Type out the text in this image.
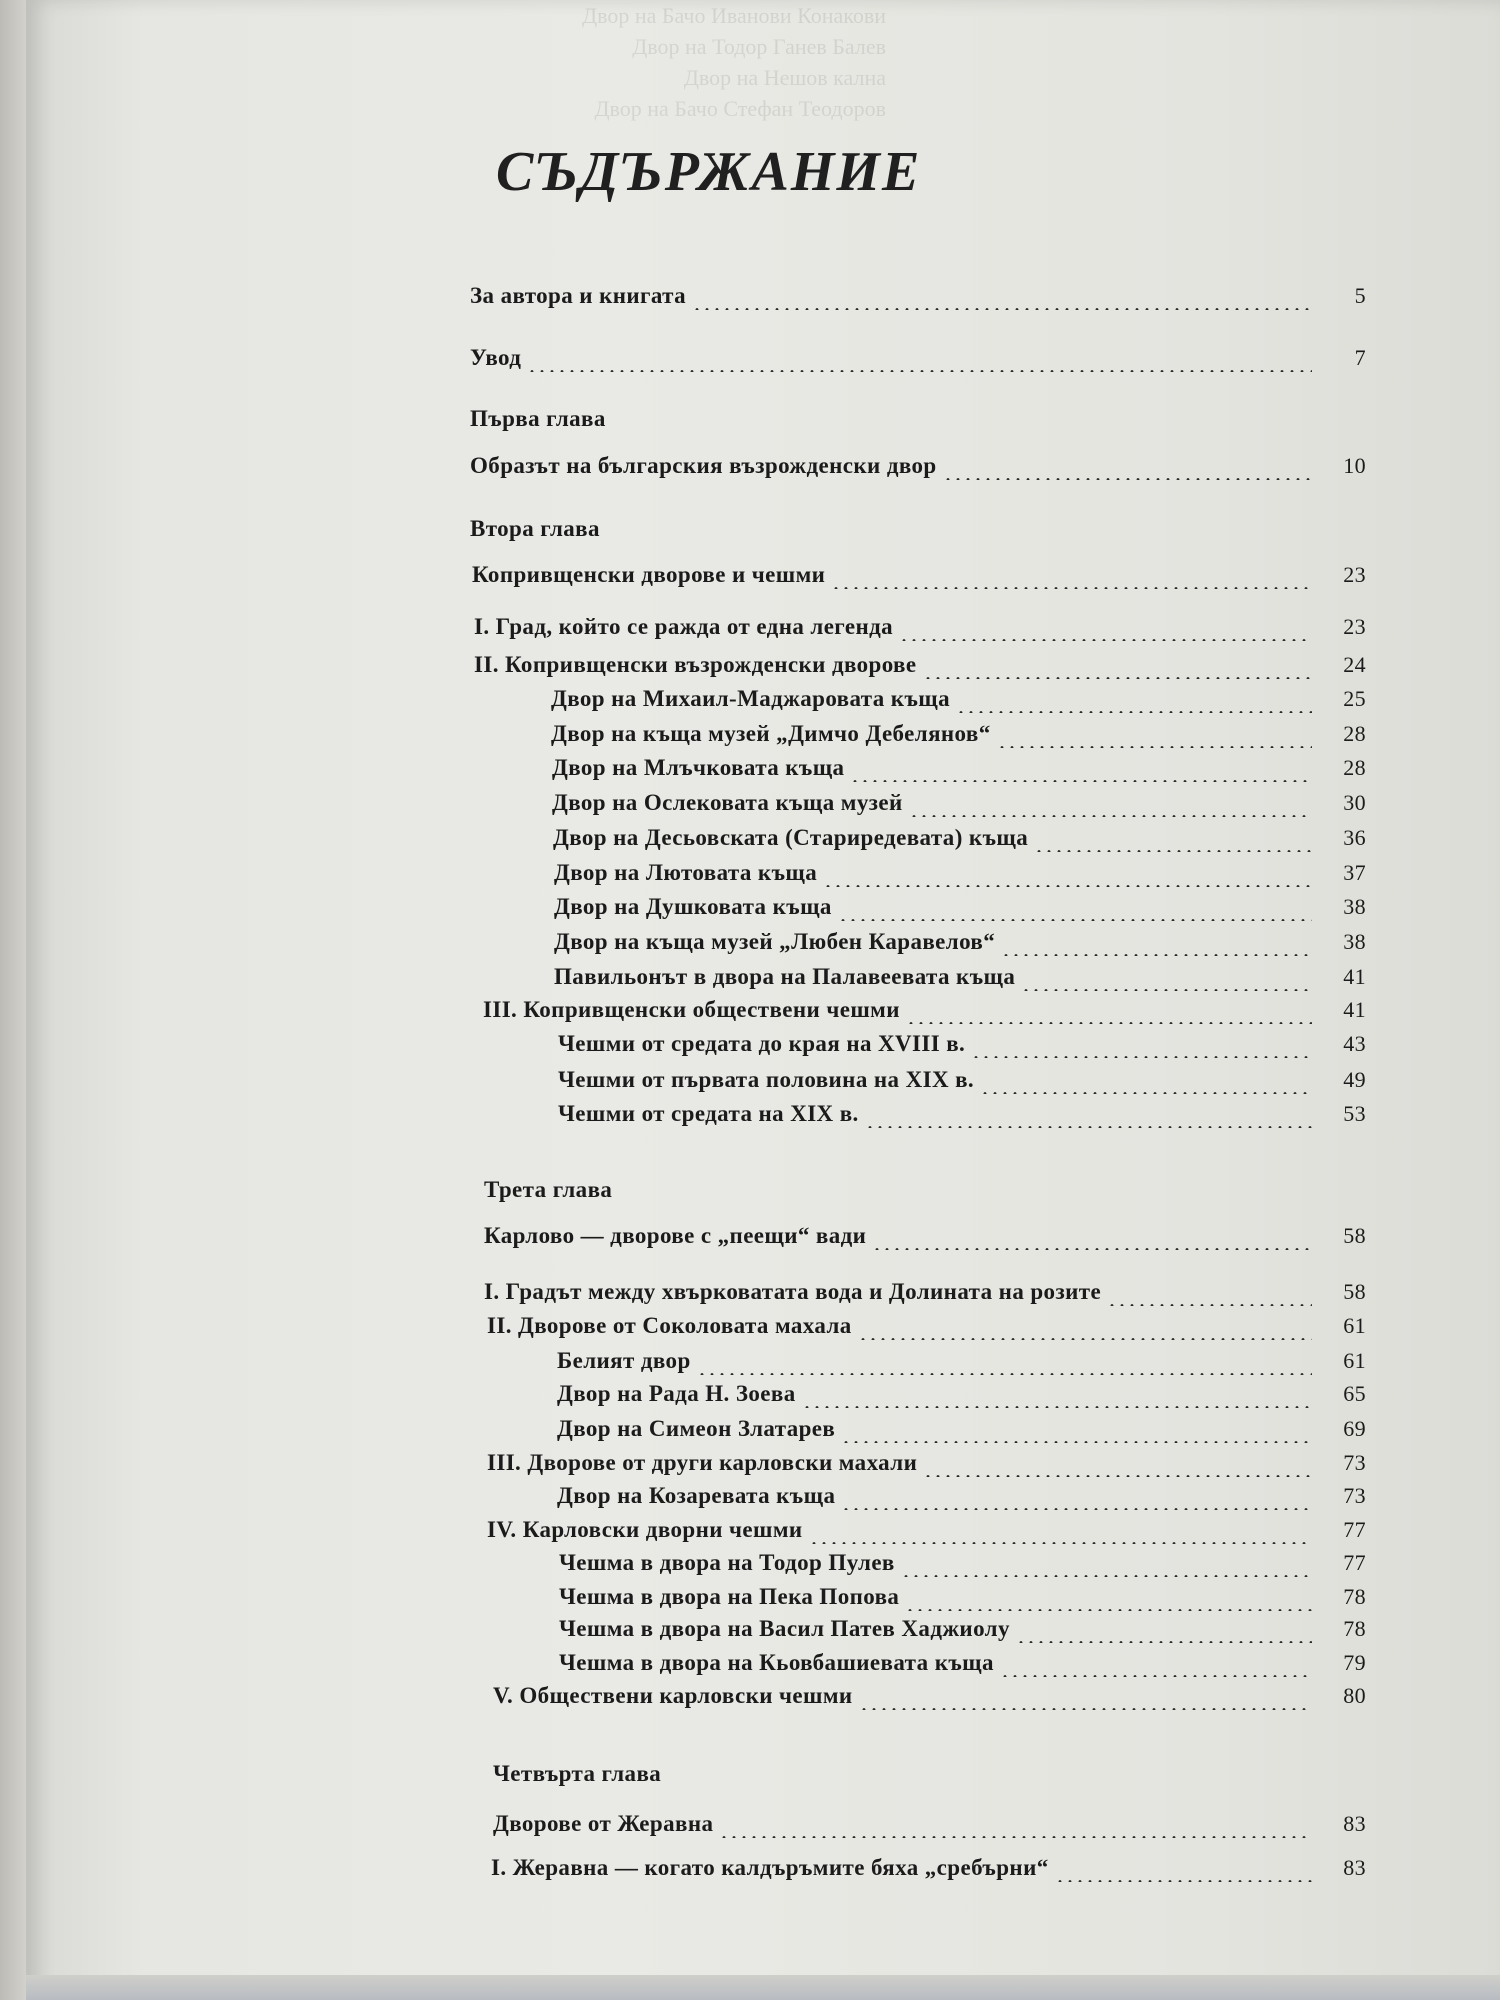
Двор на Бачо Иванови Конакови
Двор на Тодор Ганев Балев
Двор на Нешов кална
Двор на Бачо Стефан Теодоров
СЪДЪРЖАНИЕ
За автора и книгата	5
Увод	7
Първа глава
Образът на българския възрожденски двор	10
Втора глава
Копривщенски дворове и чешми	23
I. Град, който се ражда от една легенда	23
II. Копривщенски възрожденски дворове	24
Двор на Михаил-Маджаровата къща	25
Двор на къща музей „Димчо Дебелянов“	28
Двор на Млъчковата къща	28
Двор на Ослековата къща музей	30
Двор на Десьовската (Стариредевата) къща	36
Двор на Лютовата къща	37
Двор на Душковата къща	38
Двор на къща музей „Любен Каравелов“	38
Павильонът в двора на Палавеевата къща	41
III. Копривщенски обществени чешми	41
Чешми от средата до края на XVIII в.	43
Чешми от първата половина на XIX в.	49
Чешми от средата на XIX в.	53
Трета глава
Карлово — дворове с „пеещи“ вади	58
I. Градът между хвърковатата вода и Долината на розите	58
II. Дворове от Соколовата махала	61
Белият двор	61
Двор на Рада Н. Зоева	65
Двор на Симеон Златарев	69
III. Дворове от други карловски махали	73
Двор на Козаревата къща	73
IV. Карловски дворни чешми	77
Чешма в двора на Тодор Пулев	77
Чешма в двора на Пека Попова	78
Чешма в двора на Васил Патев Хаджиолу	78
Чешма в двора на Кьовбашиевата къща	79
V. Обществени карловски чешми	80
Четвърта глава
Дворове от Жеравна	83
I. Жеравна — когато калдъръмите бяха „сребърни“	83
